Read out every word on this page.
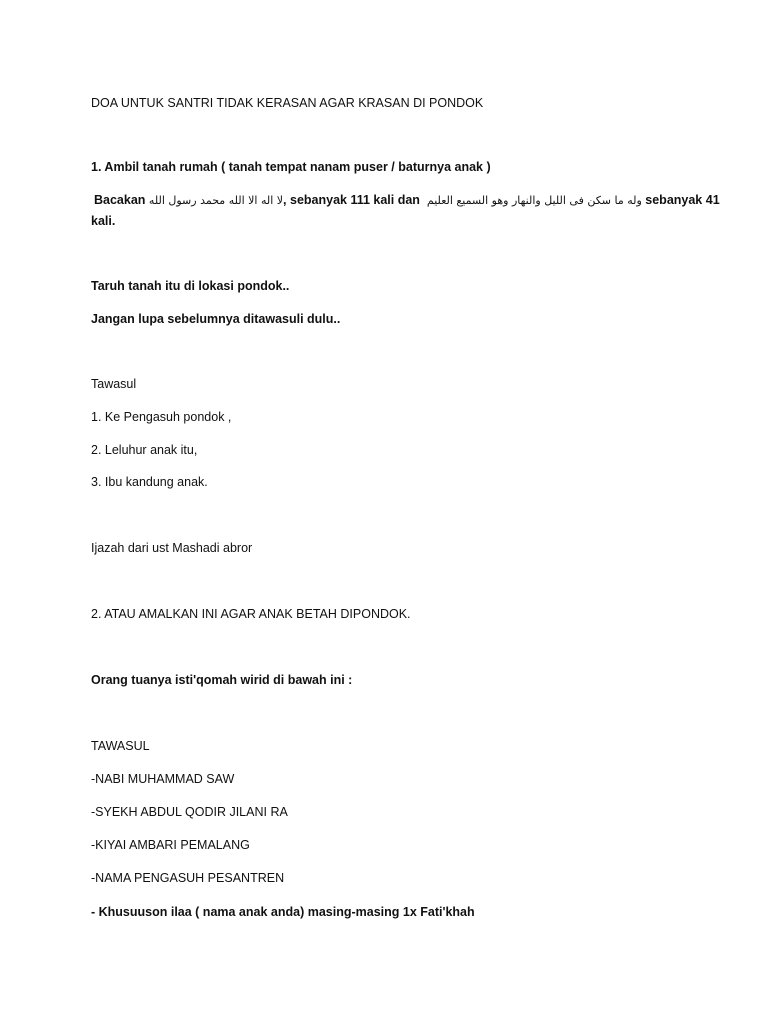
DOA UNTUK SANTRI TIDAK KERASAN AGAR KRASAN DI PONDOK
1. Ambil tanah rumah ( tanah tempat nanam puser / baturnya anak )
Bacakan لا اله الا الله محمد رسول الله, sebanyak 111 kali dan وله ما سكن فى الليل والنهار وهو السميع العليم sebanyak 41
kali.
Taruh tanah itu di lokasi pondok..
Jangan lupa sebelumnya ditawasuli dulu..
Tawasul
1. Ke Pengasuh pondok ,
2. Leluhur anak itu,
3. Ibu kandung anak.
Ijazah dari ust Mashadi abror
2. ATAU AMALKAN INI AGAR ANAK BETAH DIPONDOK.
Orang tuanya isti'qomah wirid di bawah ini :
TAWASUL
-NABI MUHAMMAD SAW
-SYEKH ABDUL QODIR JILANI RA
-KIYAI AMBARI PEMALANG
-NAMA PENGASUH PESANTREN
- Khusuuson ilaa ( nama anak anda) masing-masing 1x Fati'khah
